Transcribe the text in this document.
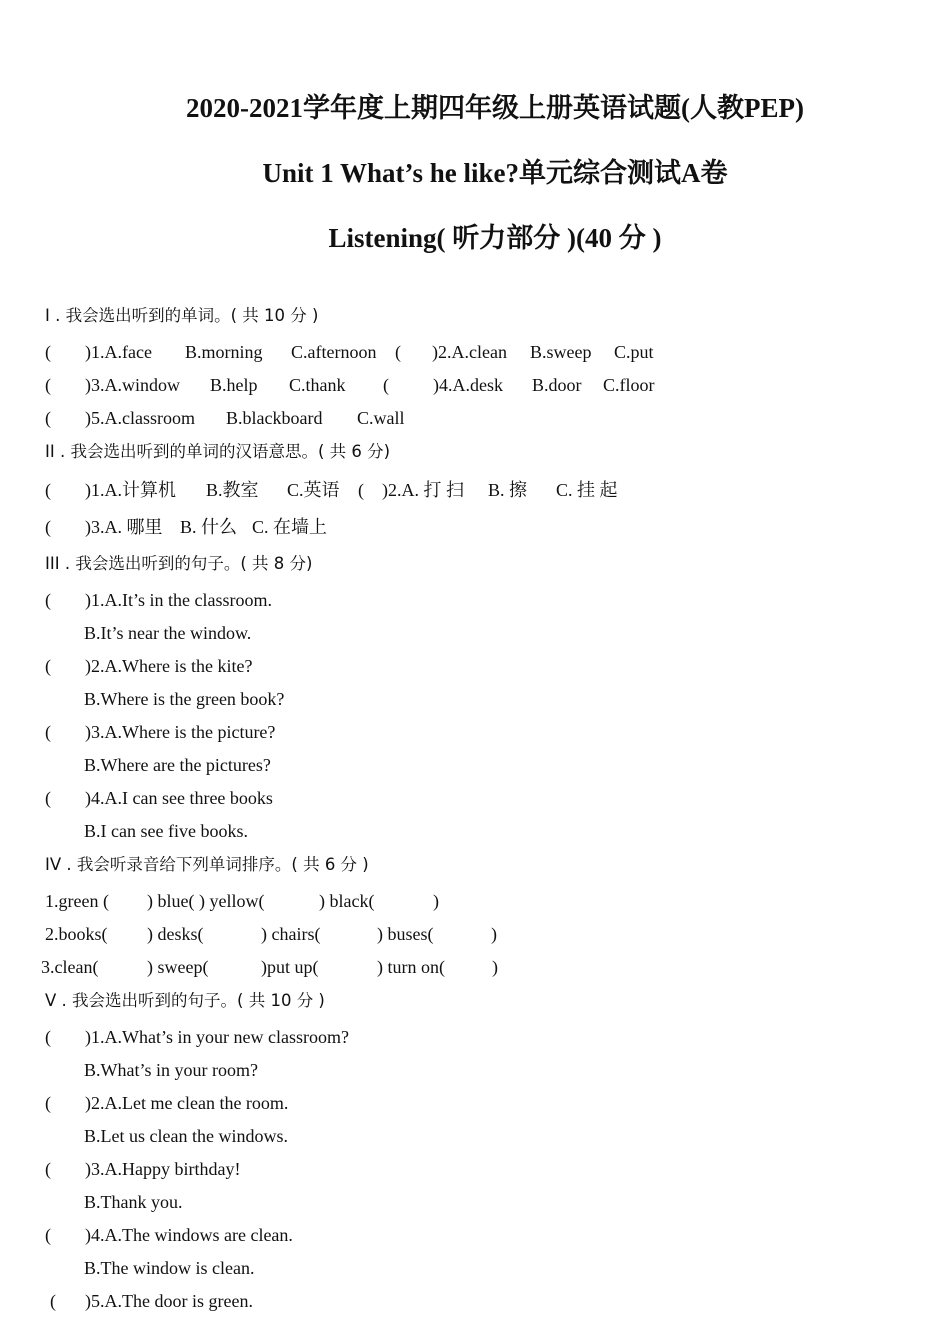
2020-2021学年度上期四年级上册英语试题(人教PEP)
Unit 1 What’s he like?单元综合测试A卷
Listening( 听力部分 )(40 分 )
I . 我会选出听到的单词。( 共 10 分 )
( )1.A.face B.morning C.afternoon ( )2.A.clean B.sweep C.put
( )3.A.window B.help C.thank ( )4.A.desk B.door C.floor
( )5.A.classroom B.blackboard C.wall
II . 我会选出听到的单词的汉语意思。( 共 6 分)
( )1.A.计算机 B.教室 C.英语 ( )2.A. 打 扫 B. 擦 C. 挂 起
( )3.A. 哪里 B. 什么 C. 在墙上
III . 我会选出听到的句子。( 共 8 分)
( )1.A.It’s in the classroom.
B.It’s near the window.
( )2.A.Where is the kite?
B.Where is the green book?
( )3.A.Where is the picture?
B.Where are the pictures?
( )4.A.I can see three books
B.I can see five books.
IV . 我会听录音给下列单词排序。( 共 6 分 )
1.green ( ) blue( ) yellow(	) black(	)
2.books( ) desks(	) chairs(	) buses(	)
3.clean(	) sweep(	)put up(	) turn on(	)
V . 我会选出听到的句子。( 共 10 分 )
( )1.A.What’s in your new classroom?
B.What’s in your room?
( )2.A.Let me clean the room.
B.Let us clean the windows.
( )3.A.Happy birthday!
B.Thank you.
( )4.A.The windows are clean.
B.The window is clean.
( )5.A.The door is green.
